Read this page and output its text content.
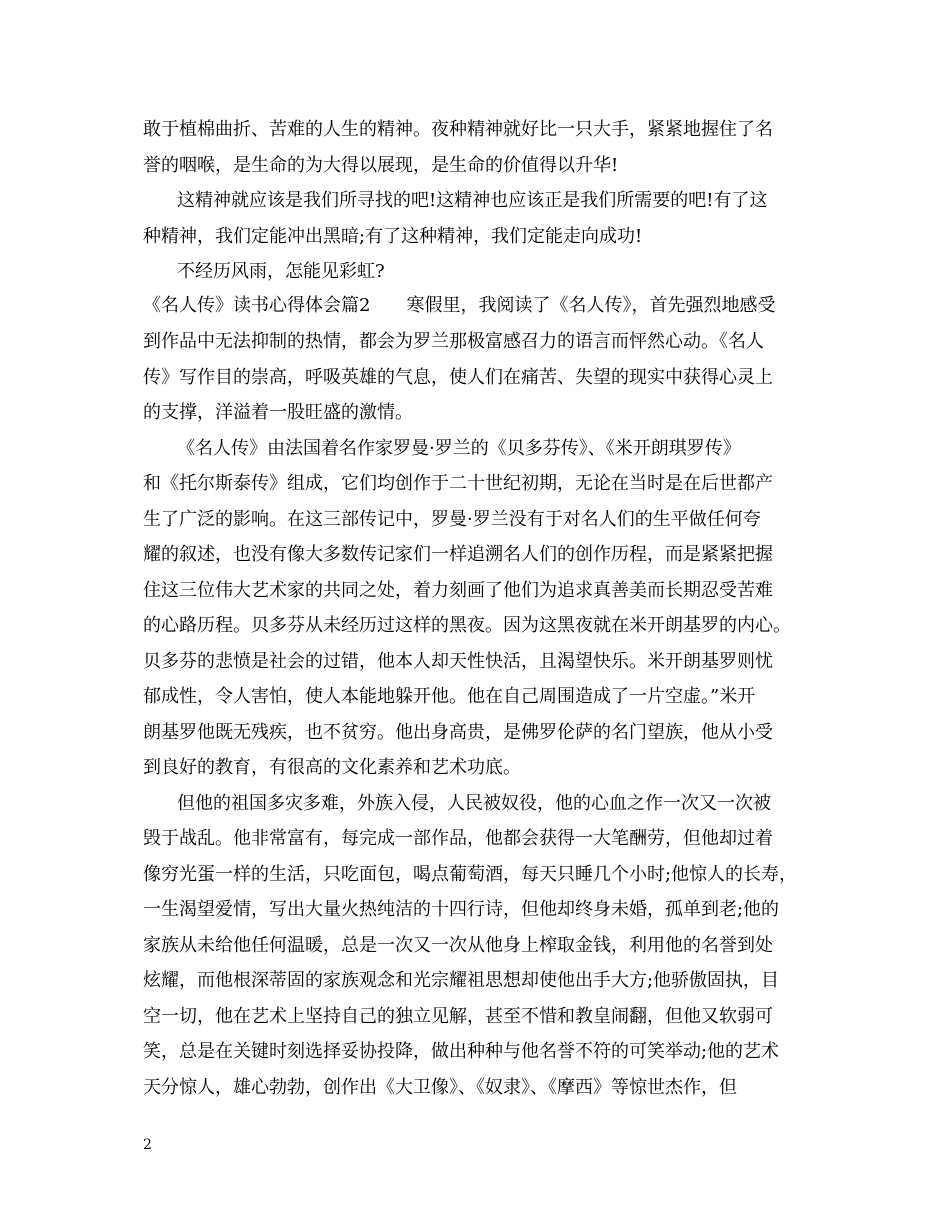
敢于植棉曲折、苦难的人生的精神。夜种精神就好比一只大手，紧紧地握住了名
誉的咽喉，是生命的为大得以展现，是生命的价值得以升华!
这精神就应该是我们所寻找的吧!这精神也应该正是我们所需要的吧!有了这
种精神，我们定能冲出黑暗;有了这种精神，我们定能走向成功!
不经历风雨，怎能见彩虹?
《名人传》读书心得体会篇2　　寒假里，我阅读了《名人传》，首先强烈地感受
到作品中无法抑制的热情，都会为罗兰那极富感召力的语言而怦然心动。《名人
传》写作目的崇高，呼吸英雄的气息，使人们在痛苦、失望的现实中获得心灵上
的支撑，洋溢着一股旺盛的激情。
《名人传》由法国着名作家罗曼·罗兰的《贝多芬传》、《米开朗琪罗传》
和《托尔斯泰传》组成，它们均创作于二十世纪初期，无论在当时是在后世都产
生了广泛的影响。在这三部传记中，罗曼·罗兰没有于对名人们的生平做任何夸
耀的叙述，也没有像大多数传记家们一样追溯名人们的创作历程，而是紧紧把握
住这三位伟大艺术家的共同之处，着力刻画了他们为追求真善美而长期忍受苦难
的心路历程。贝多芬从未经历过这样的黑夜。因为这黑夜就在米开朗基罗的内心。
贝多芬的悲愤是社会的过错，他本人却天性快活，且渴望快乐。米开朗基罗则忧
郁成性，令人害怕，使人本能地躲开他。他在自己周围造成了一片空虚。”米开
朗基罗他既无残疾，也不贫穷。他出身高贵，是佛罗伦萨的名门望族，他从小受
到良好的教育，有很高的文化素养和艺术功底。
但他的祖国多灾多难，外族入侵，人民被奴役，他的心血之作一次又一次被
毁于战乱。他非常富有，每完成一部作品，他都会获得一大笔酬劳，但他却过着
像穷光蛋一样的生活，只吃面包，喝点葡萄酒，每天只睡几个小时;他惊人的长寿，
一生渴望爱情，写出大量火热纯洁的十四行诗，但他却终身未婚，孤单到老;他的
家族从未给他任何温暖，总是一次又一次从他身上榨取金钱，利用他的名誉到处
炫耀，而他根深蒂固的家族观念和光宗耀祖思想却使他出手大方;他骄傲固执，目
空一切，他在艺术上坚持自己的独立见解，甚至不惜和教皇闹翻，但他又软弱可
笑，总是在关键时刻选择妥协投降，做出种种与他名誉不符的可笑举动;他的艺术
天分惊人，雄心勃勃，创作出《大卫像》、《奴隶》、《摩西》等惊世杰作，但
2
